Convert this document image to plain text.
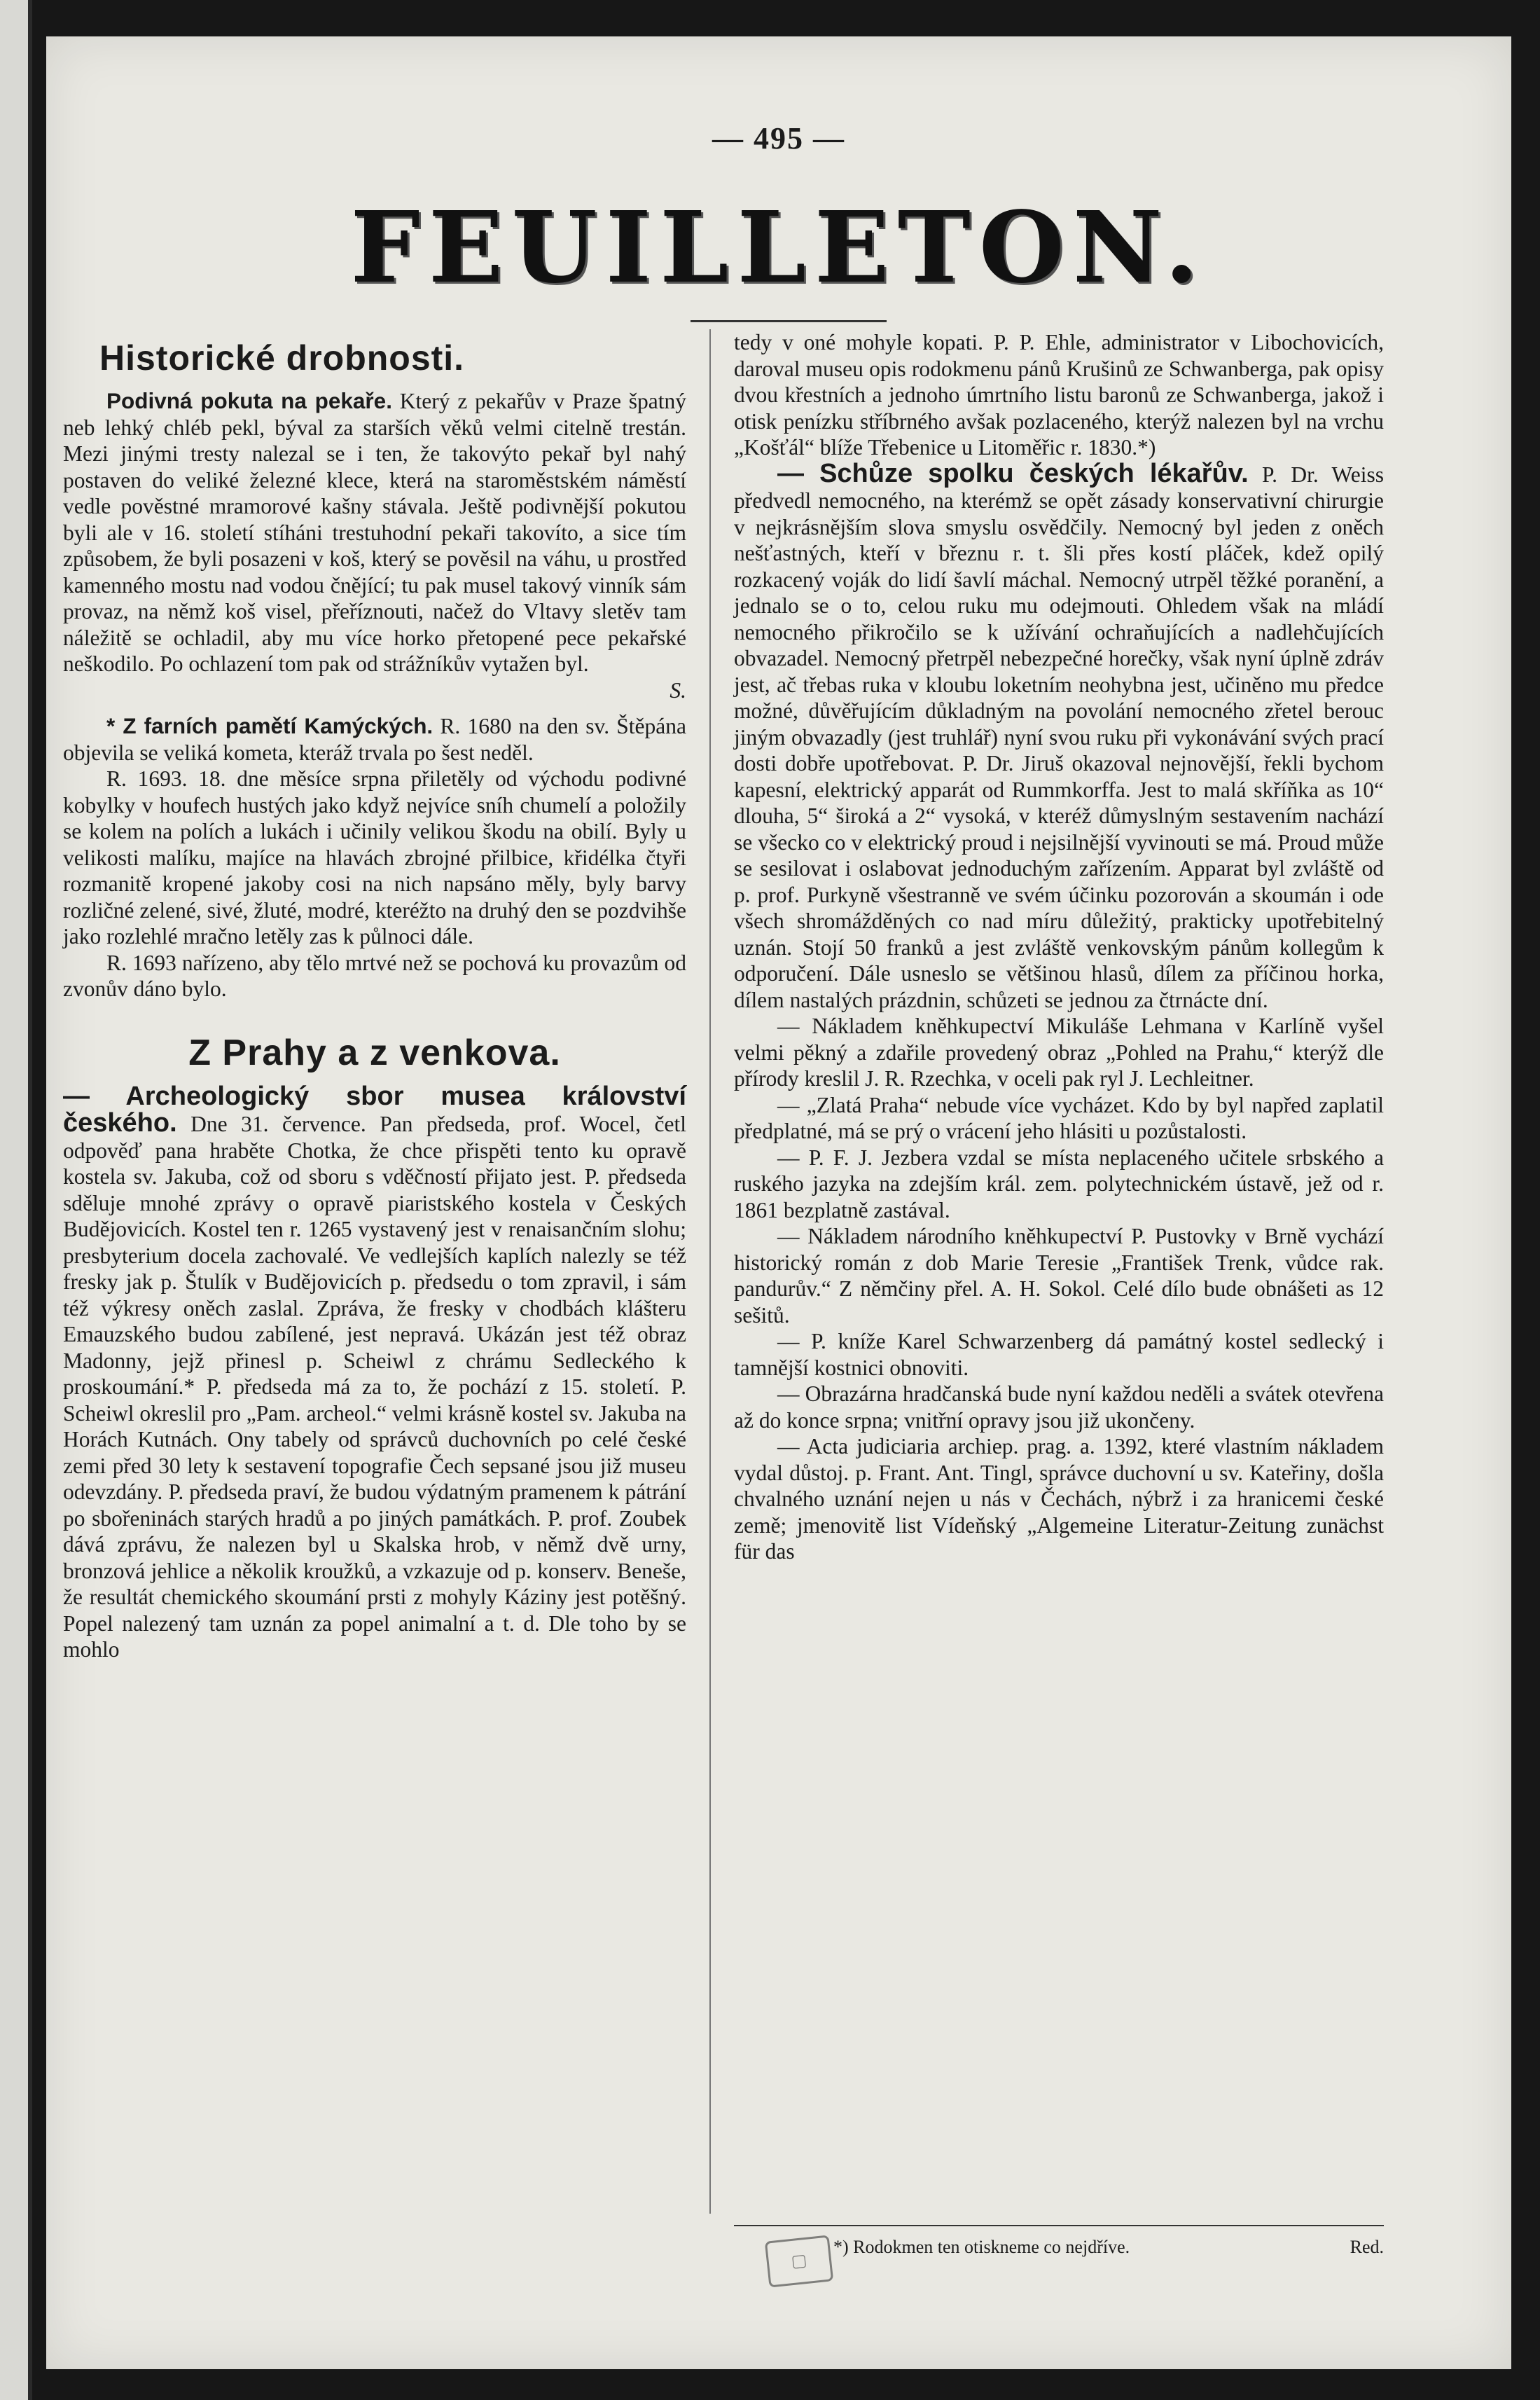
— 495 —
FEUILLETON.
Historické drobnosti.

Podivná pokuta na pekaře. Který z pekařův v Praze špatný neb lehký chléb pekl, býval za starších věků velmi citelně trestán. Mezi jinými tresty nalezal se i ten, že takovýto pekař byl nahý postaven do veliké železné klece, která na staroměstském náměstí vedle pověstné mramorové kašny stávala. Ještě podivnější pokutou byli ale v 16. století stíháni trestuhodní pekaři takovíto, a sice tím způsobem, že byli posazeni v koš, který se pověsil na váhu, u prostřed kamenného mostu nad vodou čnějící; tu pak musel takový vinník sám provaz, na němž koš visel, přeříznouti, načež do Vltavy sletěv tam náležitě se ochladil, aby mu více horko přetopené pece pekařské neškodilo. Po ochlazení tom pak od strážníkův vytažen byl.

S.

* Z farních pamětí Kamýckých. R. 1680 na den sv. Štěpána objevila se veliká kometa, kteráž trvala po šest neděl.

R. 1693. 18. dne měsíce srpna přiletěly od východu podivné kobylky v houfech hustých jako když nejvíce sníh chumelí a položily se kolem na polích a lukách i učinily velikou škodu na obilí. Byly u velikosti malíku, majíce na hlavách zbrojné přilbice, křidélka čtyři rozmanitě kropené jakoby cosi na nich napsáno měly, byly barvy rozličné zelené, sivé, žluté, modré, kteréžto na druhý den se pozdvihše jako rozlehlé mračno letěly zas k půlnoci dále.

R. 1693 nařízeno, aby tělo mrtvé než se pochová ku provazům od zvonův dáno bylo.

Z Prahy a z venkova.

— Archeologický sbor musea království českého. Dne 31. července. Pan předseda, prof. Wocel, četl odpověď pana hraběte Chotka, že chce přispěti tento ku opravě kostela sv. Jakuba, což od sboru s vděčností přijato jest. P. předseda sděluje mnohé zprávy o opravě piaristského kostela v Českých Budějovicích. Kostel ten r. 1265 vystavený jest v renaisančním slohu; presbyterium docela zachovalé. Ve vedlejších kaplích nalezly se též fresky jak p. Štulík v Budějovicích p. předsedu o tom zpravil, i sám též výkresy oněch zaslal. Zpráva, že fresky v chodbách klášteru Emauzského budou zabílené, jest nepravá. Ukázán jest též obraz Madonny, jejž přinesl p. Scheiwl z chrámu Sedleckého k proskoumání.* P. předseda má za to, že pochází z 15. století. P. Scheiwl okreslil pro „Pam. archeol.“ velmi krásně kostel sv. Jakuba na Horách Kutnách. Ony tabely od správců duchovních po celé české zemi před 30 lety k sestavení topografie Čech sepsané jsou již museu odevzdány. P. předseda praví, že budou výdatným pramenem k pátrání po sbořeninách starých hradů a po jiných památkách. P. prof. Zoubek dává zprávu, že nalezen byl u Skalska hrob, v němž dvě urny, bronzová jehlice a několik kroužků, a vzkazuje od p. konserv. Beneše, že resultát chemického skoumání prsti z mohyly Káziny jest potěšný. Popel nalezený tam uznán za popel animalní a t. d. Dle toho by se mohlo

tedy v oné mohyle kopati. P. P. Ehle, administrator v Libochovicích, daroval museu opis rodokmenu pánů Krušinů ze Schwanberga, pak opisy dvou křestních a jednoho úmrtního listu baronů ze Schwanberga, jakož i otisk penízku stříbrného avšak pozlaceného, kterýž nalezen byl na vrchu „Košťál“ blíže Třebenice u Litoměřic r. 1830.*)

— Schůze spolku českých lékařův. P. Dr. Weiss předvedl nemocného, na kterémž se opět zásady konservativní chirurgie v nejkrásnějším slova smyslu osvědčily. Nemocný byl jeden z oněch nešťastných, kteří v březnu r. t. šli přes kostí pláček, kdež opilý rozkacený voják do lidí šavlí máchal. Nemocný utrpěl těžké poranění, a jednalo se o to, celou ruku mu odejmouti. Ohledem však na mládí nemocného přikročilo se k užívání ochraňujících a nadlehčujících obvazadel. Nemocný přetrpěl nebezpečné horečky, však nyní úplně zdráv jest, ač třebas ruka v kloubu loketním neohybna jest, učiněno mu předce možné, důvěřujícím důkladným na povolání nemocného zřetel berouc jiným obvazadly (jest truhlář) nyní svou ruku při vykonávání svých prací dosti dobře upotřebovat. P. Dr. Jiruš okazoval nejnovější, řekli bychom kapesní, elektrický apparát od Rummkorffa. Jest to malá skříňka as 10“ dlouha, 5“ široká a 2“ vysoká, v kteréž důmyslným sestavením nachází se všecko co v elektrický proud i nejsilnější vyvinouti se má. Proud může se sesilovat i oslabovat jednoduchým zařízením. Apparat byl zvláště od p. prof. Purkyně všestranně ve svém účinku pozorován a skoumán i ode všech shromážděných co nad míru důležitý, prakticky upotřebitelný uznán. Stojí 50 franků a jest zvláště venkovským pánům kollegům k odporučení. Dále usneslo se většinou hlasů, dílem za příčinou horka, dílem nastalých prázdnin, schůzeti se jednou za čtrnácte dní.

— Nákladem kněhkupectví Mikuláše Lehmana v Karlíně vyšel velmi pěkný a zdařile provedený obraz „Pohled na Prahu,“ kterýž dle přírody kreslil J. R. Rzechka, v oceli pak ryl J. Lechleitner.

— „Zlatá Praha“ nebude více vycházet. Kdo by byl napřed zaplatil předplatné, má se prý o vrácení jeho hlásiti u pozůstalosti.

— P. F. J. Jezbera vzdal se místa neplaceného učitele srbského a ruského jazyka na zdejším král. zem. polytechnickém ústavě, jež od r. 1861 bezplatně zastával.

— Nákladem národního kněhkupectví P. Pustovky v Brně vychází historický román z dob Marie Teresie „František Trenk, vůdce rak. pandurův.“ Z němčiny přel. A. H. Sokol. Celé dílo bude obnášeti as 12 sešitů.

— P. kníže Karel Schwarzenberg dá památný kostel sedlecký i tamnější kostnici obnoviti.

— Obrazárna hradčanská bude nyní každou neděli a svátek otevřena až do konce srpna; vnitřní opravy jsou již ukončeny.

— Acta judiciaria archiep. prag. a. 1392, které vlastním nákladem vydal důstoj. p. Frant. Ant. Tingl, správce duchovní u sv. Kateřiny, došla chvalného uznání nejen u nás v Čechách, nýbrž i za hranicemi české země; jmenovitě list Vídeňský „Algemeine Literatur-Zeitung zunächst für das

▢
*) Rodokmen ten otiskneme co nejdříve.	Red.
